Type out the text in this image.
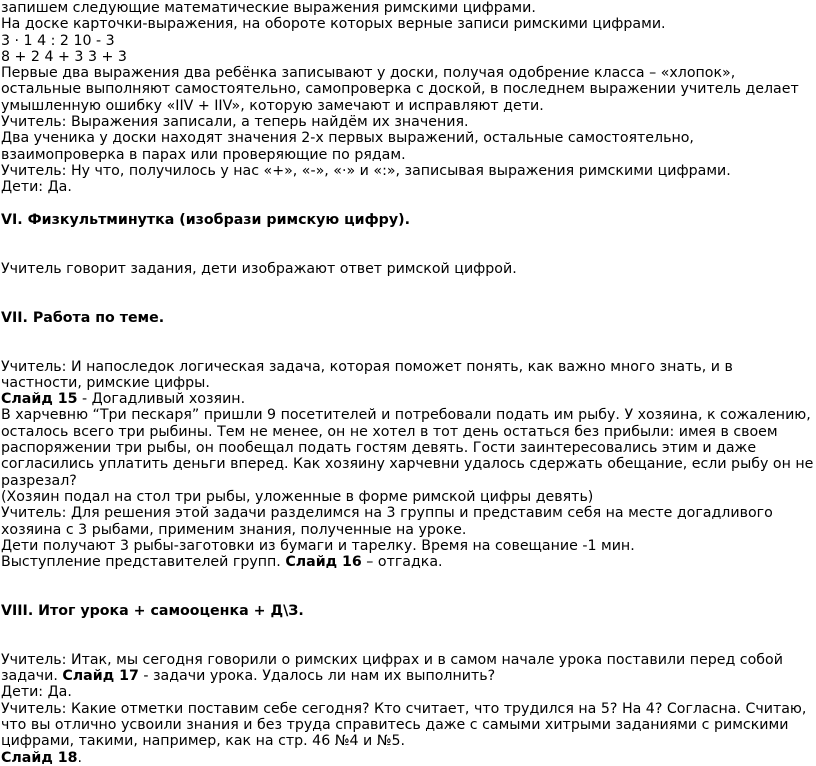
запишем следующие математические выражения римскими цифрами.

На доске карточки-выражения, на обороте которых верные записи римскими цифрами.

3 · 1 4 : 2 10 - 3

8 + 2 4 + 3 3 + 3

Первые два выражения два ребёнка записывают у доски, получая одобрение класса – «хлопок», остальные выполняют самостоятельно, самопроверка с доской, в последнем выражении учитель делает умышленную ошибку «IIV + IIV», которую замечают и исправляют дети.

Учитель: Выражения записали, а теперь найдём их значения.

Два ученика у доски находят значения 2-х первых выражений, остальные самостоятельно, взаимопроверка в парах или проверяющие по рядам.

Учитель: Ну что, получилось у нас «+», «-», «·» и «:», записывая выражения римскими цифрами.

Дети: Да.

VI. Физкультминутка (изобрази римскую цифру).

Учитель говорит задания, дети изображают ответ римской цифрой.

VII. Работа по теме.

Учитель: И напоследок логическая задача, которая поможет понять, как важно много знать, и в частности, римские цифры.

Слайд 15 - Догадливый хозяин.

В харчевню “Три пескаря” пришли 9 посетителей и потребовали подать им рыбу. У хозяина, к сожалению, осталось всего три рыбины. Тем не менее, он не хотел в тот день остаться без прибыли: имея в своем распоряжении три рыбы, он пообещал подать гостям девять. Гости заинтересовались этим и даже согласились уплатить деньги вперед. Как хозяину харчевни удалось сдержать обещание, если рыбу он не разрезал?

(Хозяин подал на стол три рыбы, уложенные в форме римской цифры девять)

Учитель: Для решения этой задачи разделимся на 3 группы и представим себя на месте догадливого хозяина с 3 рыбами, применим знания, полученные на уроке.

Дети получают 3 рыбы-заготовки из бумаги и тарелку. Время на совещание -1 мин.

Выступление представителей групп. Слайд 16 – отгадка.

VIII. Итог урока + самооценка + Д\З.

Учитель: Итак, мы сегодня говорили о римских цифрах и в самом начале урока поставили перед собой задачи. Слайд 17 - задачи урока. Удалось ли нам их выполнить?

Дети: Да.

Учитель: Какие отметки поставим себе сегодня? Кто считает, что трудился на 5? На 4? Согласна. Считаю, что вы отлично усвоили знания и без труда справитесь даже с самыми хитрыми заданиями с римскими цифрами, такими, например, как на стр. 46 №4 и №5.

Слайд 18.
